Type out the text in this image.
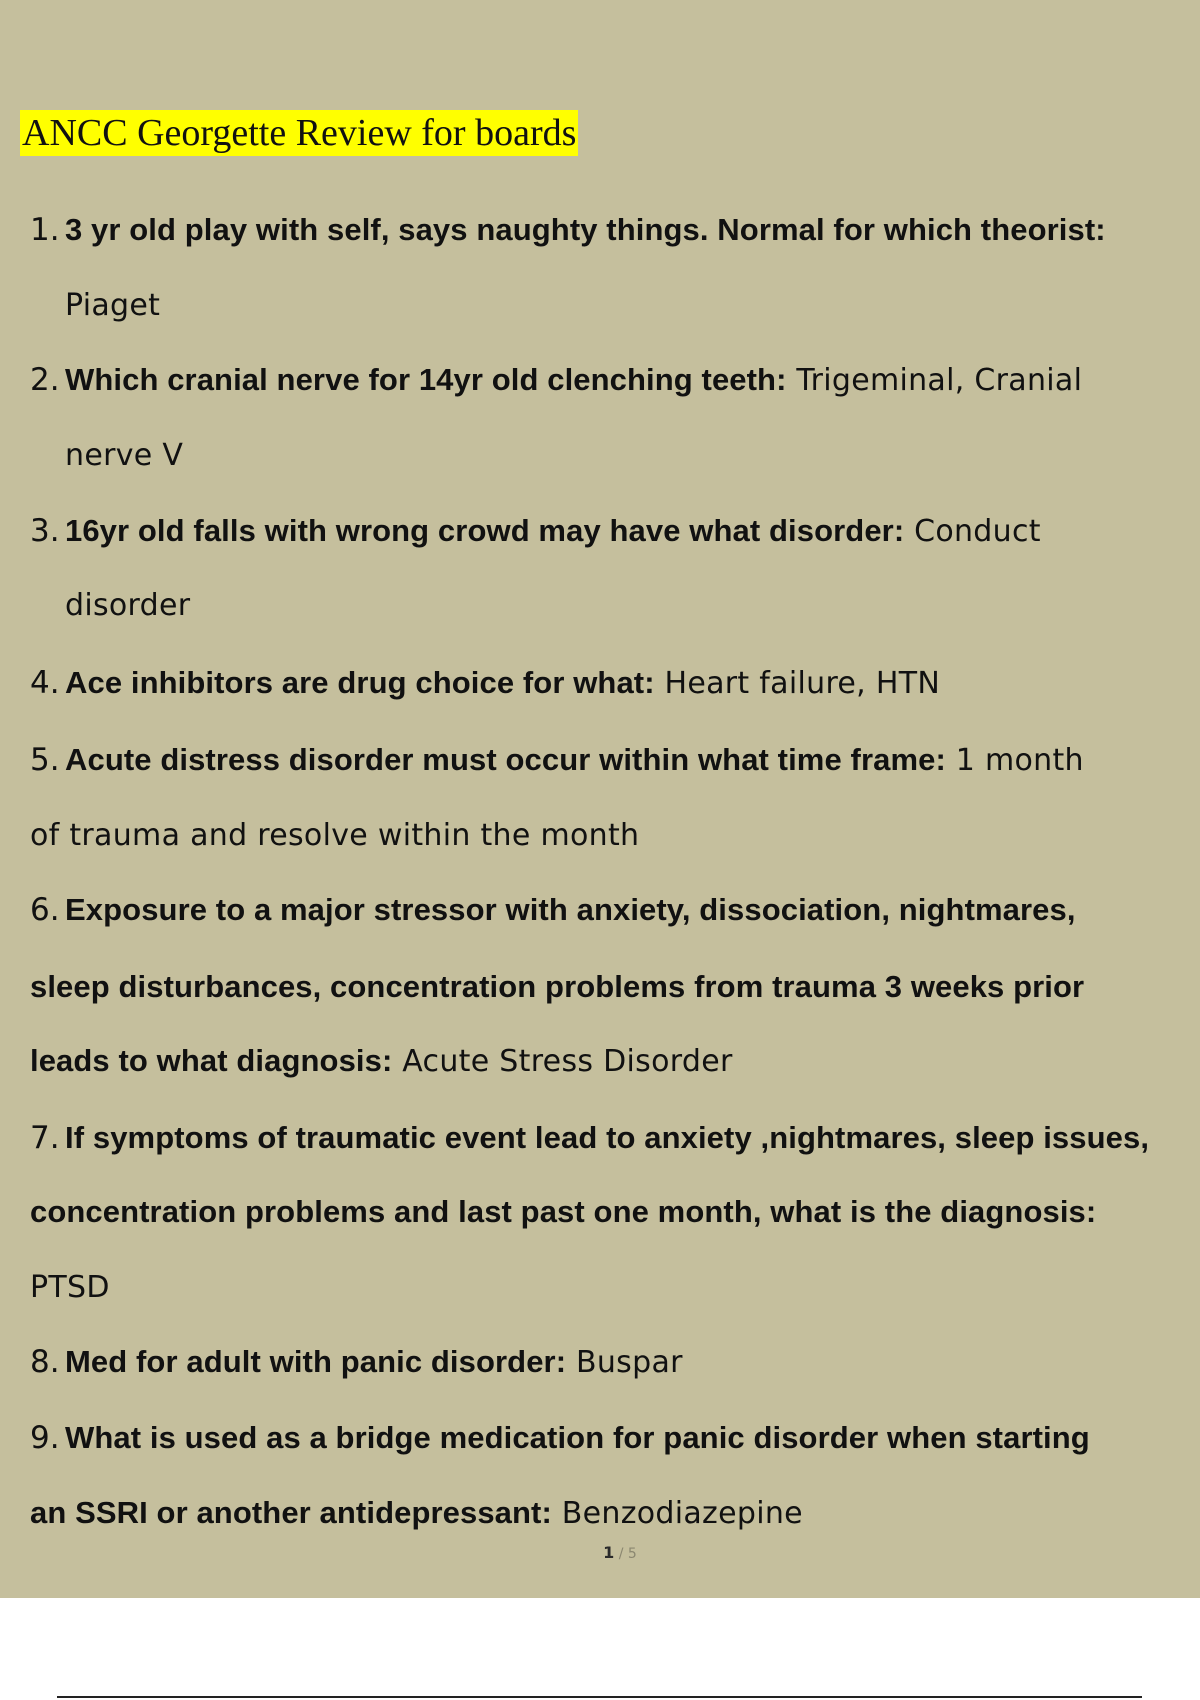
ANCC Georgette Review for boards
1. 3 yr old play with self, says naughty things. Normal for which theorist:
Piaget
2. Which cranial nerve for 14yr old clenching teeth: Trigeminal, Cranial
nerve V
3. 16yr old falls with wrong crowd may have what disorder: Conduct
disorder
4. Ace inhibitors are drug choice for what: Heart failure, HTN
5. Acute distress disorder must occur within what time frame: 1 month
of trauma and resolve within the month
6. Exposure to a major stressor with anxiety, dissociation, nightmares,
sleep disturbances, concentration problems from trauma 3 weeks prior
leads to what diagnosis: Acute Stress Disorder
7. If symptoms of traumatic event lead to anxiety ,nightmares, sleep issues,
concentration problems and last past one month, what is the diagnosis:
PTSD
8. Med for adult with panic disorder: Buspar
9. What is used as a bridge medication for panic disorder when starting
an SSRI or another antidepressant: Benzodiazepine
1 / 5
